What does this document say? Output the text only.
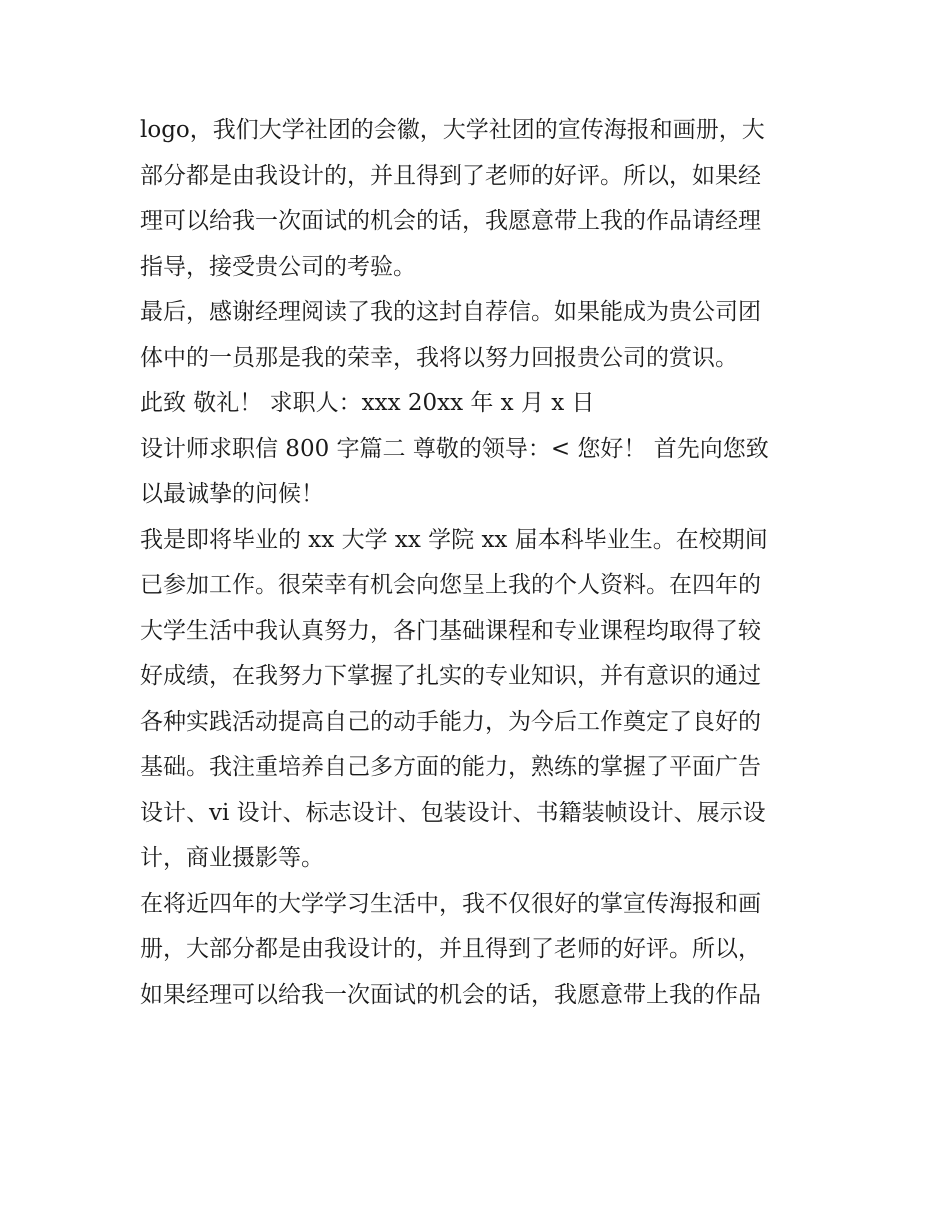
logo，我们大学社团的会徽，大学社团的宣传海报和画册，大
部分都是由我设计的，并且得到了老师的好评。所以，如果经
理可以给我一次面试的机会的话，我愿意带上我的作品请经理
指导，接受贵公司的考验。

最后，感谢经理阅读了我的这封自荐信。如果能成为贵公司团
体中的一员那是我的荣幸，我将以努力回报贵公司的赏识。

此致 敬礼！ 求职人：xxx 20xx 年 x 月 x 日

设计师求职信 800 字篇二 尊敬的领导：< 您好！ 首先向您致
以最诚挚的问候！

我是即将毕业的 xx 大学 xx 学院 xx 届本科毕业生。在校期间
已参加工作。很荣幸有机会向您呈上我的个人资料。在四年的
大学生活中我认真努力，各门基础课程和专业课程均取得了较
好成绩，在我努力下掌握了扎实的专业知识，并有意识的通过
各种实践活动提高自己的动手能力，为今后工作奠定了良好的
基础。我注重培养自己多方面的能力，熟练的掌握了平面广告
设计、vi 设计、标志设计、包装设计、书籍装帧设计、展示设
计，商业摄影等。

在将近四年的大学学习生活中，我不仅很好的掌宣传海报和画
册，大部分都是由我设计的，并且得到了老师的好评。所以，
如果经理可以给我一次面试的机会的话，我愿意带上我的作品
